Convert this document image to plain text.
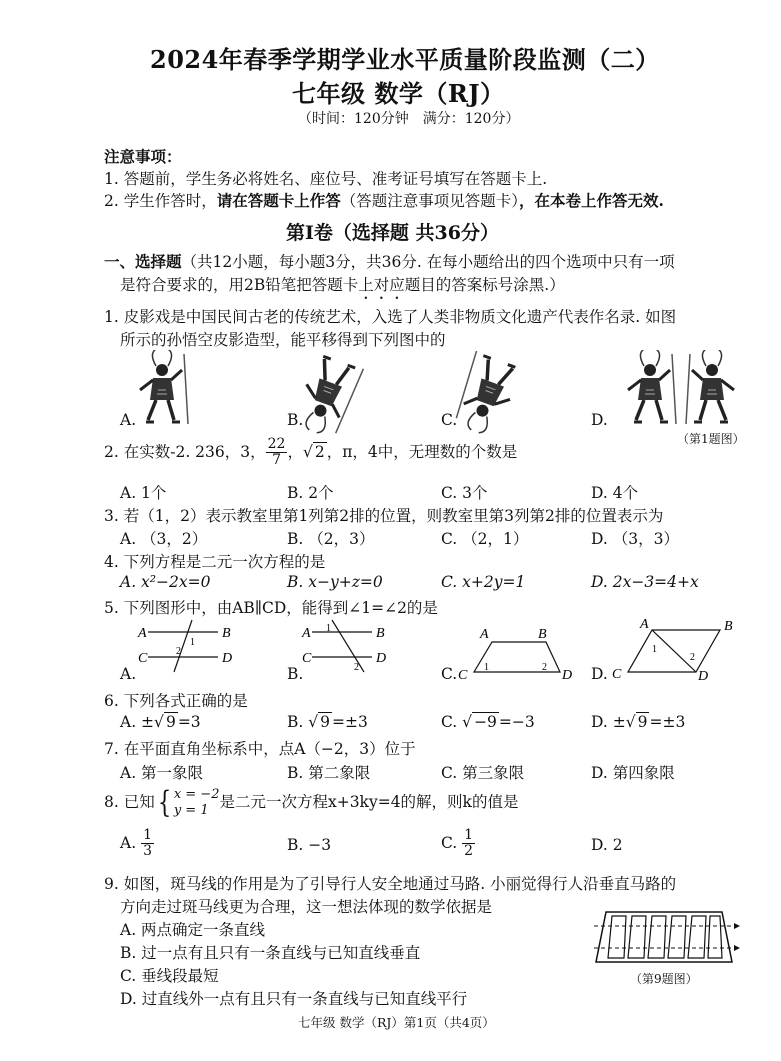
2024年春季学期学业水平质量阶段监测（二）
七年级 数学（RJ）
（时间：120分钟　满分：120分）
注意事项：
1. 答题前，学生务必将姓名、座位号、准考证号填写在答题卡上.
2. 学生作答时，请在答题卡上作答（答题注意事项见答题卡），在本卷上作答无效.
第Ⅰ卷（选择题 共36分）
一、选择题（共12小题，每小题3分，共36分. 在每小题给出的四个选项中只有一项
是符合要求的，用2B铅笔把答题卡上对应题目的答案标号涂黑.）
1. 皮影戏是中国民间古老的传统艺术，入选了人类非物质文化遗产代表作名录. 如图
所示的孙悟空皮影造型，能平移得到下列图中的
A.	B.	C.	D.
（第1题图）
2. 在实数-2. 236，3， $\frac{22}{7}$ ，√ 2 ，π，4中，无理数的个数是
A. 1个	B. 2个	C. 3个	D. 4个
3. 若（1，2）表示教室里第1列第2排的位置，则教室里第3列第2排的位置表示为
A. （3，2）	B. （2，3）	C. （2，1）	D. （3，3）
4. 下列方程是二元一次方程的是
A. x²−2x=0	B. x−y+z=0	C. x+2y=1	D. 2x−3=4+x
5. 下列图形中，由AB∥CD，能得到∠1=∠2的是
A	B
C	D
1
2
A	B
C	D
1
2
A	B
C	D
1	2
A	B
C	D
1
2
A.	B.	C.	D.
6. 下列各式正确的是
A. ±√ 9 =3	B. √ 9 =±3	C. √ −9 =−3	D. ±√ 9 =±3
7. 在平面直角坐标系中，点A（−2，3）位于
A. 第一象限	B. 第二象限	C. 第三象限	D. 第四象限
8. 已知{ x = −2
y = 1 是二元一次方程x+3ky=4的解，则k的值是
A. $\frac{1}{3}$	B. −3	C. $\frac{1}{2}$	D. 2
9. 如图，斑马线的作用是为了引导行人安全地通过马路. 小丽觉得行人沿垂直马路的
方向走过斑马线更为合理，这一想法体现的数学依据是
A. 两点确定一条直线
B. 过一点有且只有一条直线与已知直线垂直
C. 垂线段最短
D. 过直线外一点有且只有一条直线与已知直线平行
（第9题图）
七年级 数学（RJ）第1页（共4页）
